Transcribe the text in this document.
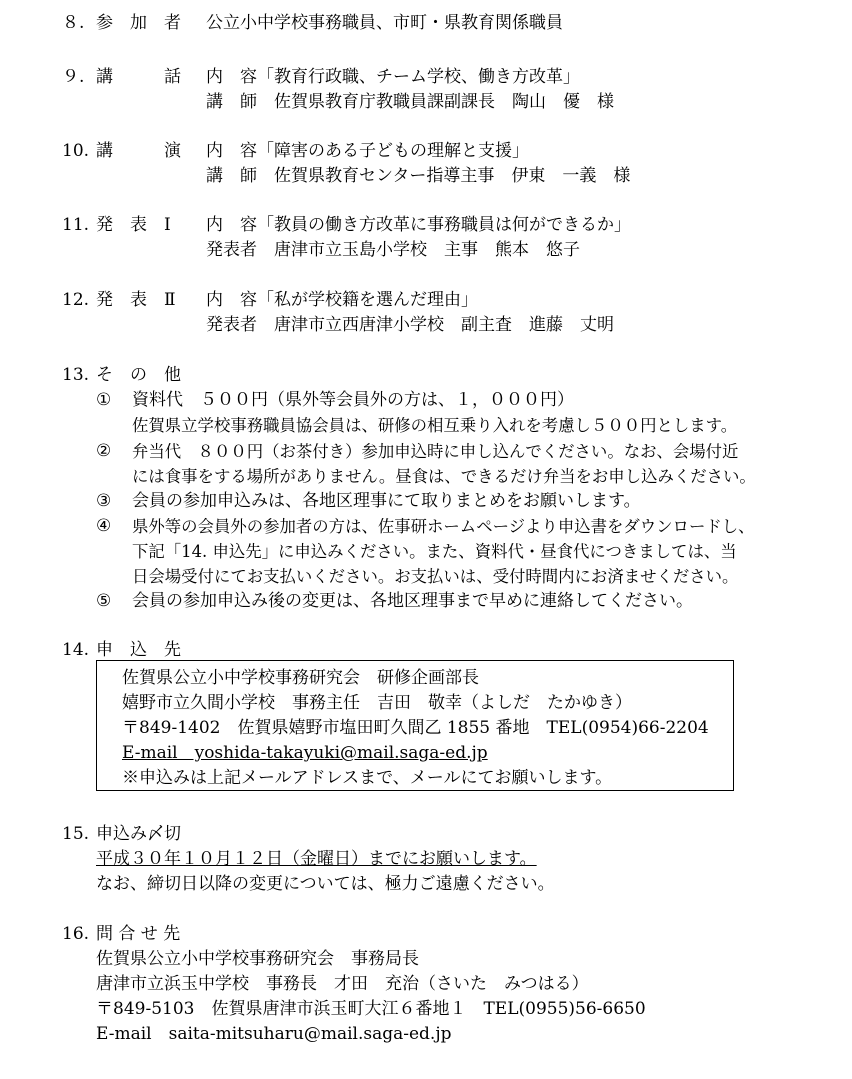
８. 参　加　者 公立小中学校事務職員、市町・県教育関係職員
９. 講　　　話 内　容「教育行政職、チーム学校、働き方改革」
講　師　佐賀県教育庁教職員課副課長　陶山　優　様
10. 講　　　演 内　容「障害のある子どもの理解と支援」
講　師　佐賀県教育センター指導主事　伊東　一義　様
11. 発　表　Ⅰ 内　容「教員の働き方改革に事務職員は何ができるか」
発表者　唐津市立玉島小学校　主事　熊本　悠子
12. 発　表　Ⅱ 内　容「私が学校籍を選んだ理由」
発表者　唐津市立西唐津小学校　副主査　進藤　丈明
13. そ　の　他
① 資料代　５００円（県外等会員外の方は、１，０００円）
佐賀県立学校事務職員協会員は、研修の相互乗り入れを考慮し５００円とします。
② 弁当代　８００円（お茶付き）参加申込時に申し込んでください。なお、会場付近
には食事をする場所がありません。昼食は、できるだけ弁当をお申し込みください。
③ 会員の参加申込みは、各地区理事にて取りまとめをお願いします。
④ 県外等の会員外の参加者の方は、佐事研ホームページより申込書をダウンロードし、
下記「14. 申込先」に申込みください。また、資料代・昼食代につきましては、当
日会場受付にてお支払いください。お支払いは、受付時間内にお済ませください。
⑤ 会員の参加申込み後の変更は、各地区理事まで早めに連絡してください。
14. 申　込　先
佐賀県公立小中学校事務研究会　研修企画部長
嬉野市立久間小学校　事務主任　吉田　敬幸（よしだ　たかゆき）
〒849-1402　佐賀県嬉野市塩田町久間乙 1855 番地　TEL(0954)66-2204
E-mail　yoshida-takayuki@mail.saga-ed.jp
※申込みは上記メールアドレスまで、メールにてお願いします。
15. 申込み〆切
平成３０年１０月１２日（金曜日）までにお願いします。
なお、締切日以降の変更については、極力ご遠慮ください。
16. 問 合 せ 先
佐賀県公立小中学校事務研究会　事務局長
唐津市立浜玉中学校　事務長　才田　充治（さいた　みつはる）
〒849-5103　佐賀県唐津市浜玉町大江６番地１　TEL(0955)56-6650
E-mail　saita-mitsuharu@mail.saga-ed.jp
